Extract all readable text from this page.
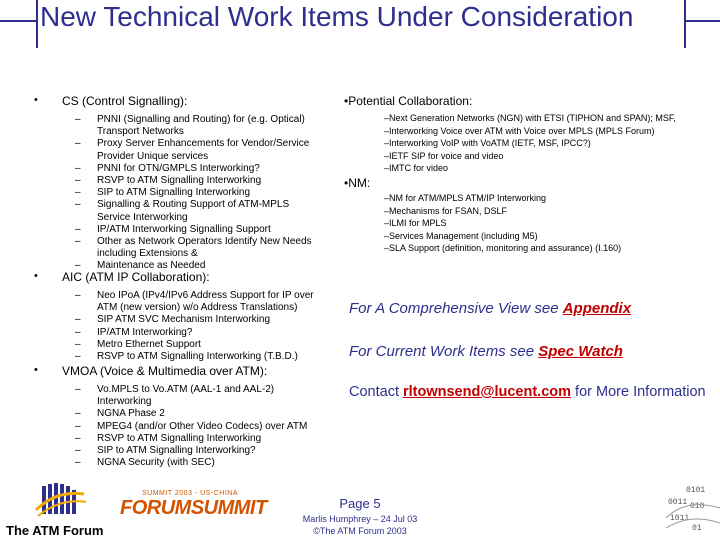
New Technical Work Items Under Consideration
• CS (Control Signalling):
– PNNI (Signalling and Routing) for (e.g. Optical) Transport Networks
– Proxy Server Enhancements for Vendor/Service Provider Unique services
– PNNI for OTN/GMPLS Interworking?
– RSVP to ATM Signalling Interworking
– SIP to ATM Signalling Interworking
– Signalling & Routing Support of ATM-MPLS Service Interworking
– IP/ATM Interworking Signalling Support
– Other as Network Operators Identify New Needs including Extensions &
– Maintenance as Needed
• AIC (ATM IP Collaboration):
– Neo IPoA (IPv4/IPv6 Address Support for IP over ATM (new version) w/o Address Translations)
– SIP ATM SVC Mechanism Interworking
– IP/ATM Interworking?
– Metro Ethernet Support
– RSVP to ATM Signalling Interworking (T.B.D.)
• VMOA (Voice & Multimedia over ATM):
– Vo.MPLS to Vo.ATM (AAL-1 and AAL-2) Interworking
– NGNA Phase 2
– MPEG4 (and/or Other Video Codecs) over ATM
– RSVP to ATM Signalling Interworking
– SIP to ATM Signalling Interworking?
– NGNA Security (with SEC)
•Potential Collaboration:
–Next Generation Networks (NGN) with ETSI (TIPHON and SPAN); MSF,
–Interworking Voice over ATM with Voice over MPLS (MPLS Forum)
–Interworking VoIP with VoATM (IETF, MSF, IPCC?)
–IETF SIP for voice and video
–IMTC for video
•NM:
–NM for ATM/MPLS ATM/IP Interworking
–Mechanisms for FSAN, DSLF
–ILMI for MPLS
–Services Management (including M5)
–SLA Support (definition, monitoring and assurance) (I.160)
For A Comprehensive View see Appendix
For Current Work Items see Spec Watch
Contact rltownsend@lucent.com for More Information
Page 5
Marlis Humphrey – 24 Jul 03
©The ATM Forum 2003
The ATM Forum
SUMMIT 2003 - US-CHINA
FORUMSUMMIT
0101
0011 010
1011
01
